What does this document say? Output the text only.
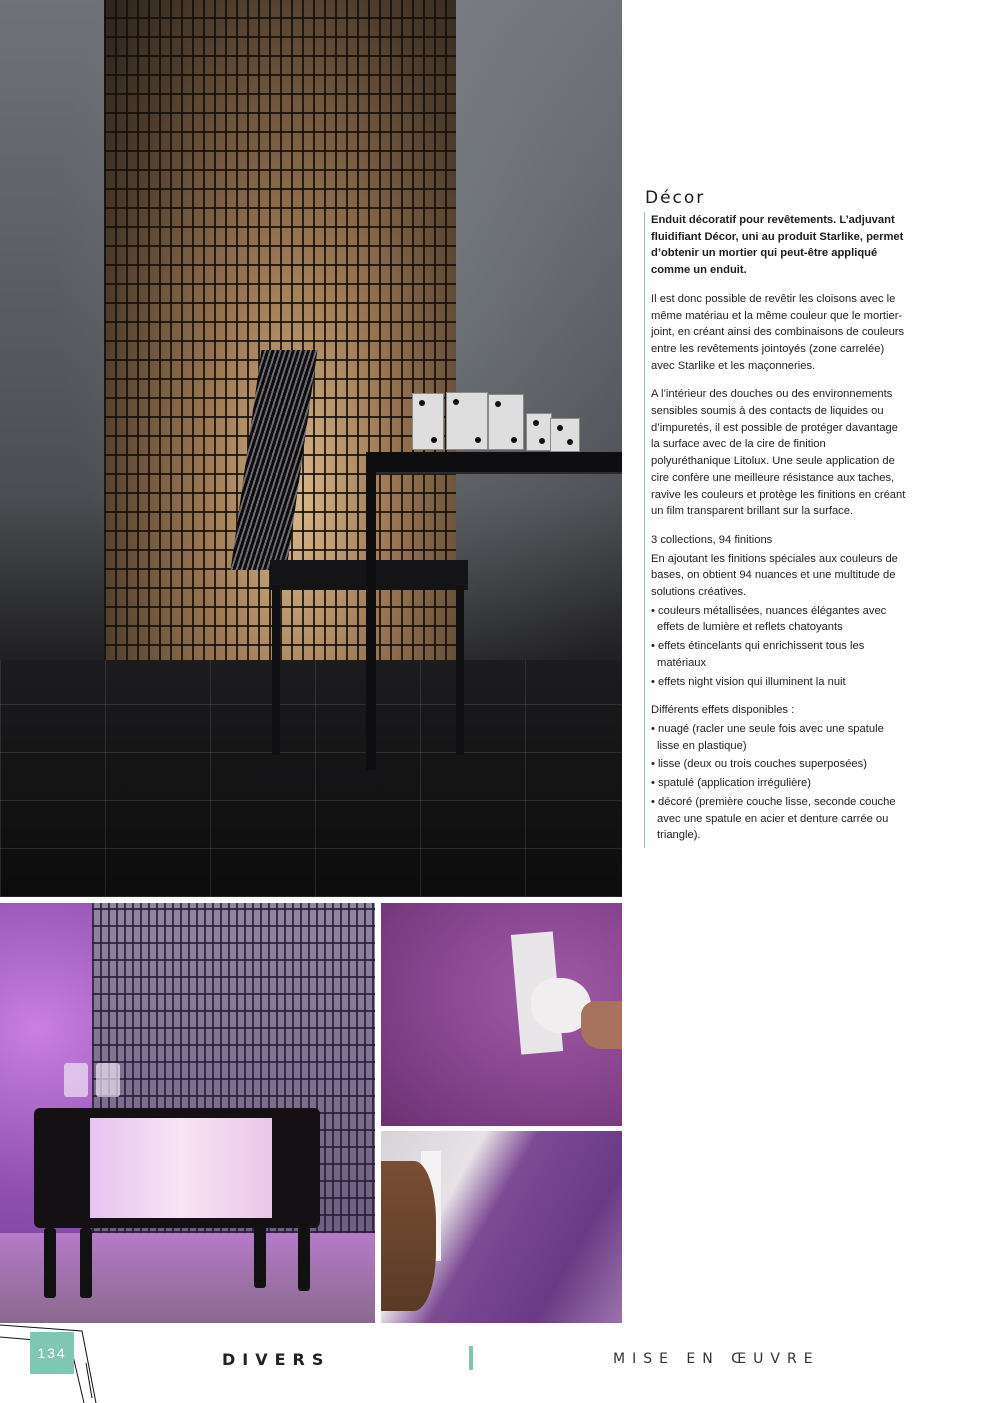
Décor

Enduit décoratif pour revêtements. L’adjuvant fluidifiant Décor, uni au produit Starlike, permet d’obtenir un mortier qui peut-être appliqué comme un enduit.

Il est donc possible de revêtir les cloisons avec le même matériau et la même couleur que le mortier-joint, en créant ainsi des combinaisons de couleurs entre les revêtements jointoyés (zone carrelée) avec Starlike et les maçonneries.

A l’intérieur des douches ou des environnements sensibles soumis à des contacts de liquides ou d’impuretés, il est possible de protéger davantage la surface avec de la cire de finition polyuréthanique Litolux. Une seule application de cire confère une meilleure résistance aux taches, ravive les couleurs et protège les finitions en créant un film transparent brillant sur la surface.

3 collections, 94 finitions

En ajoutant les finitions spéciales aux couleurs de bases, on obtient 94 nuances et une multitude de solutions créatives.

• couleurs métallisées, nuances élégantes avec effets de lumière et reflets chatoyants
• effets étincelants qui enrichissent tous les matériaux
• effets night vision qui illuminent la nuit

Différents effets disponibles :

• nuagé (racler une seule fois avec une spatule lisse en plastique)
• lisse (deux ou trois couches superposées)
• spatulé (application irrégulière)
• décoré (première couche lisse, seconde couche avec une spatule en acier et denture carrée ou triangle).
134	DIVERS	MISE EN ŒUVRE
